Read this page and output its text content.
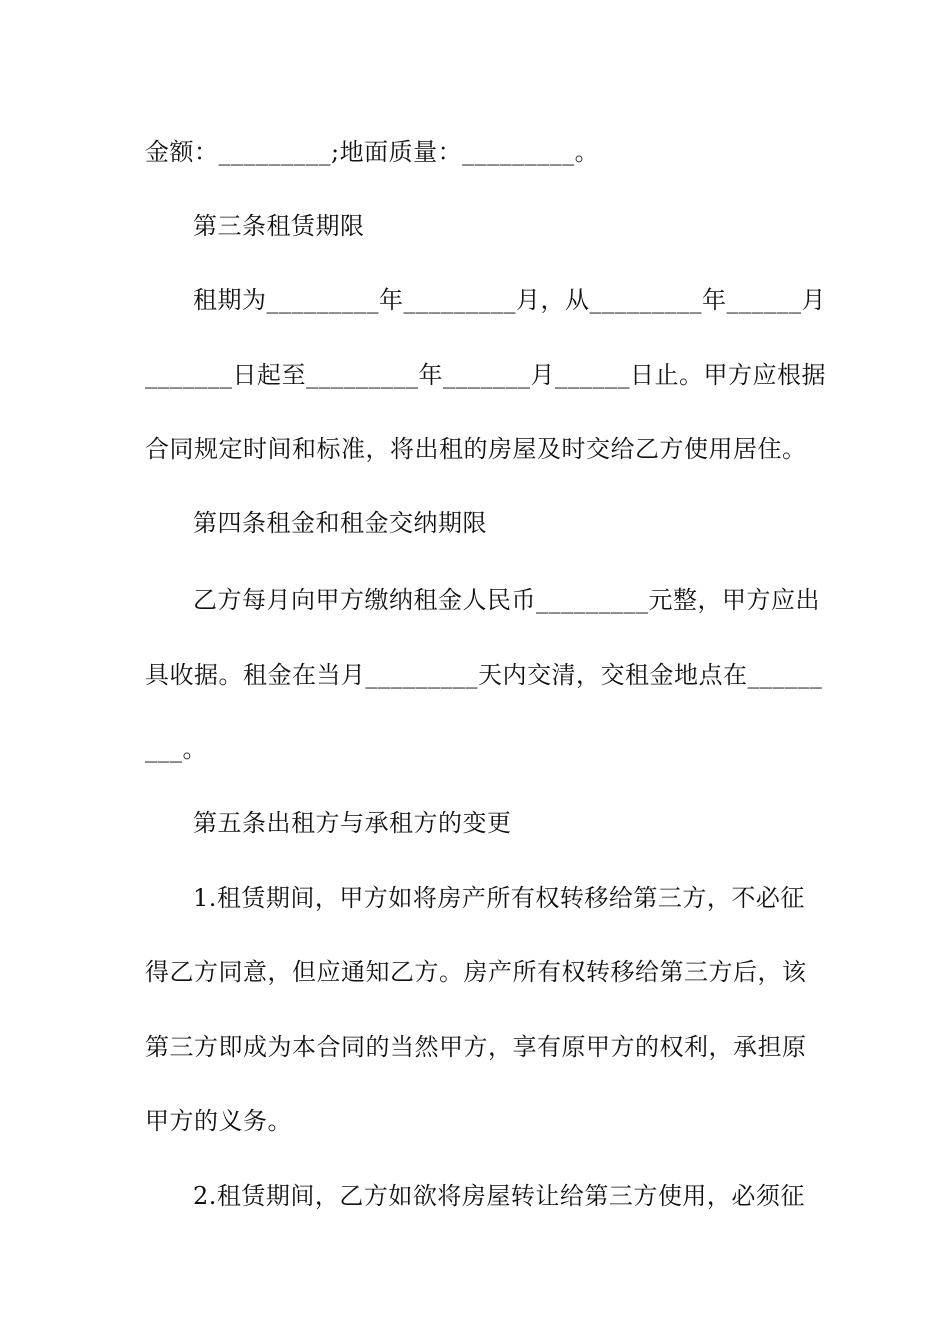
金额：_________;地面质量：_________。
第三条租赁期限
租期为_________年_________月，从_________年______月
_______日起至_________年_______月______日止。甲方应根据
合同规定时间和标准，将出租的房屋及时交给乙方使用居住。
第四条租金和租金交纳期限
乙方每月向甲方缴纳租金人民币_________元整，甲方应出
具收据。租金在当月_________天内交清，交租金地点在______
___。
第五条出租方与承租方的变更
1.租赁期间，甲方如将房产所有权转移给第三方，不必征
得乙方同意，但应通知乙方。房产所有权转移给第三方后，该
第三方即成为本合同的当然甲方，享有原甲方的权利，承担原
甲方的义务。
2.租赁期间，乙方如欲将房屋转让给第三方使用，必须征
